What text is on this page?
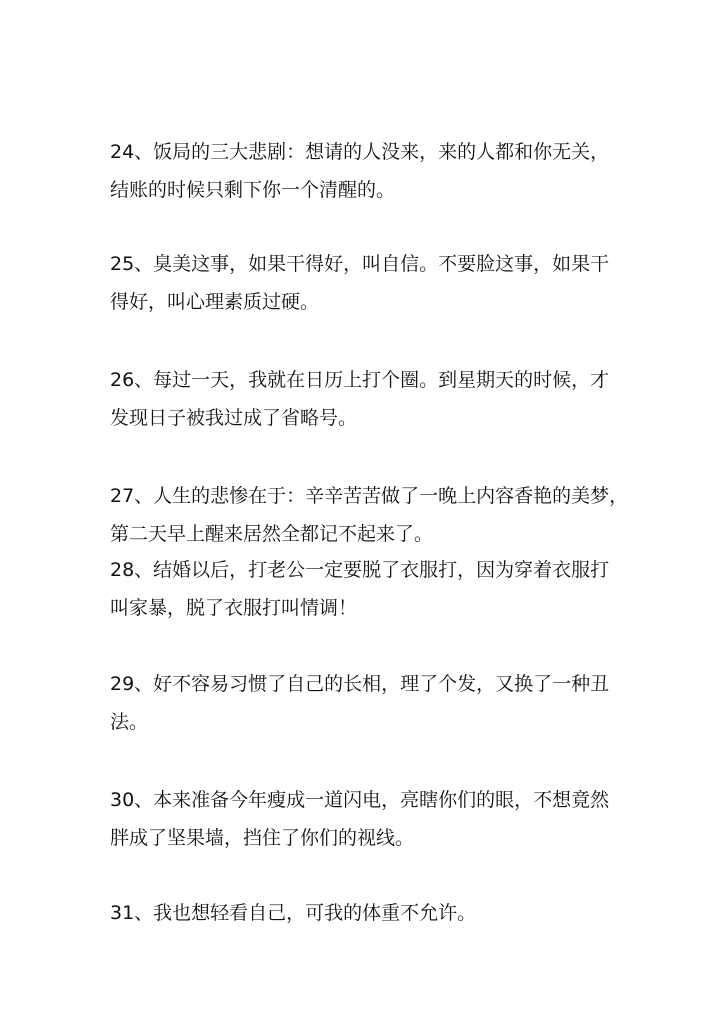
24、饭局的三大悲剧：想请的人没来，来的人都和你无关，
结账的时候只剩下你一个清醒的。

25、臭美这事，如果干得好，叫自信。不要脸这事，如果干
得好，叫心理素质过硬。

26、每过一天，我就在日历上打个圈。到星期天的时候，才
发现日子被我过成了省略号。

27、人生的悲惨在于：辛辛苦苦做了一晚上内容香艳的美梦，
第二天早上醒来居然全都记不起来了。

28、结婚以后，打老公一定要脱了衣服打，因为穿着衣服打
叫家暴，脱了衣服打叫情调！

29、好不容易习惯了自己的长相，理了个发，又换了一种丑
法。

30、本来准备今年瘦成一道闪电，亮瞎你们的眼，不想竟然
胖成了坚果墙，挡住了你们的视线。

31、我也想轻看自己，可我的体重不允许。
